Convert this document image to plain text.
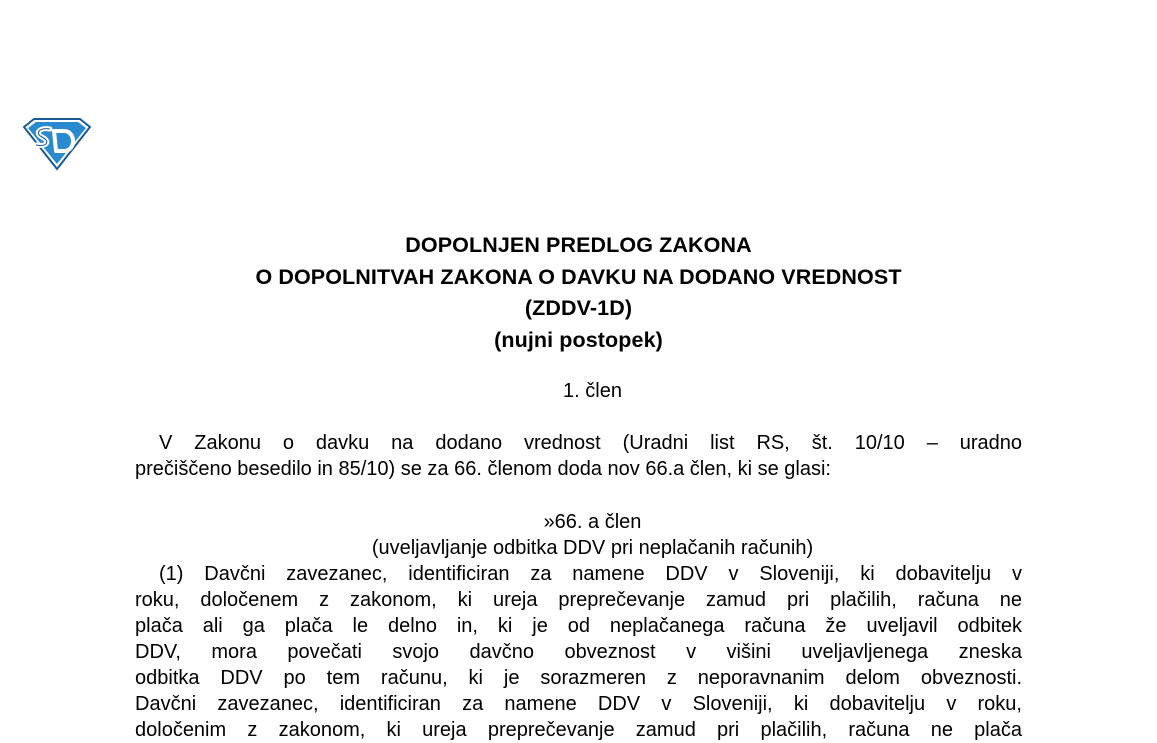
DOPOLNJEN PREDLOG ZAKONA
O DOPOLNITVAH ZAKONA O DAVKU NA DODANO VREDNOST
(ZDDV-1D)
(nujni postopek)
1. člen
V Zakonu o davku na dodano vrednost (Uradni list RS, št. 10/10 – uradno
prečiščeno besedilo in 85/10) se za 66. členom doda nov 66.a člen, ki se glasi:
»66. a člen
(uveljavljanje odbitka DDV pri neplačanih računih)
(1) Davčni zavezanec, identificiran za namene DDV v Sloveniji, ki dobavitelju v
roku, določenem z zakonom, ki ureja preprečevanje zamud pri plačilih, računa ne
plača ali ga plača le delno in, ki je od neplačanega računa že uveljavil odbitek
DDV, mora povečati svojo davčno obveznost v višini uveljavljenega zneska
odbitka DDV po tem računu, ki je sorazmeren z neporavnanim delom obveznosti.
Davčni zavezanec, identificiran za namene DDV v Sloveniji, ki dobavitelju v roku,
določenim z zakonom, ki ureja preprečevanje zamud pri plačilih, računa ne plača
